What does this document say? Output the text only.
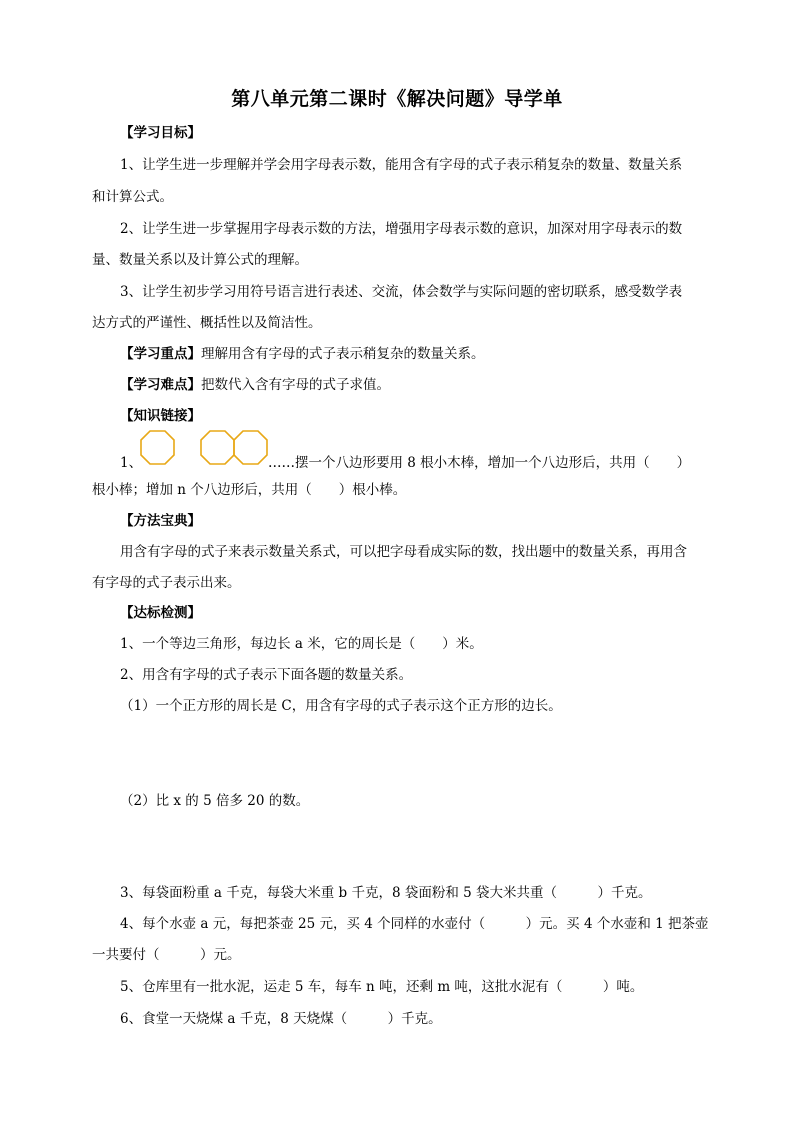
第八单元第二课时《解决问题》导学单
【学习目标】
1、让学生进一步理解并学会用字母表示数，能用含有字母的式子表示稍复杂的数量、数量关系
和计算公式。
2、让学生进一步掌握用字母表示数的方法，增强用字母表示数的意识，加深对用字母表示的数
量、数量关系以及计算公式的理解。
3、让学生初步学习用符号语言进行表述、交流，体会数学与实际问题的密切联系，感受数学表
达方式的严谨性、概括性以及简洁性。
【学习重点】理解用含有字母的式子表示稍复杂的数量关系。
【学习难点】把数代入含有字母的式子求值。
【知识链接】
1、	……摆一个八边形要用 8 根小木棒，增加一个八边形后，共用（　　）
根小棒；增加 n 个八边形后，共用（　　）根小棒。
【方法宝典】
用含有字母的式子来表示数量关系式，可以把字母看成实际的数，找出题中的数量关系，再用含
有字母的式子表示出来。
【达标检测】
1、一个等边三角形，每边长 a 米，它的周长是（　　）米。
2、用含有字母的式子表示下面各题的数量关系。
（1）一个正方形的周长是 C，用含有字母的式子表示这个正方形的边长。
（2）比 x 的 5 倍多 20 的数。
3、每袋面粉重 a 千克，每袋大米重 b 千克，8 袋面粉和 5 袋大米共重（　　　）千克。
4、每个水壶 a 元，每把茶壶 25 元，买 4 个同样的水壶付（　　　）元。买 4 个水壶和 1 把茶壶
一共要付（　　　）元。
5、仓库里有一批水泥，运走 5 车，每车 n 吨，还剩 m 吨，这批水泥有（　　　）吨。
6、食堂一天烧煤 a 千克，8 天烧煤（　　　）千克。
